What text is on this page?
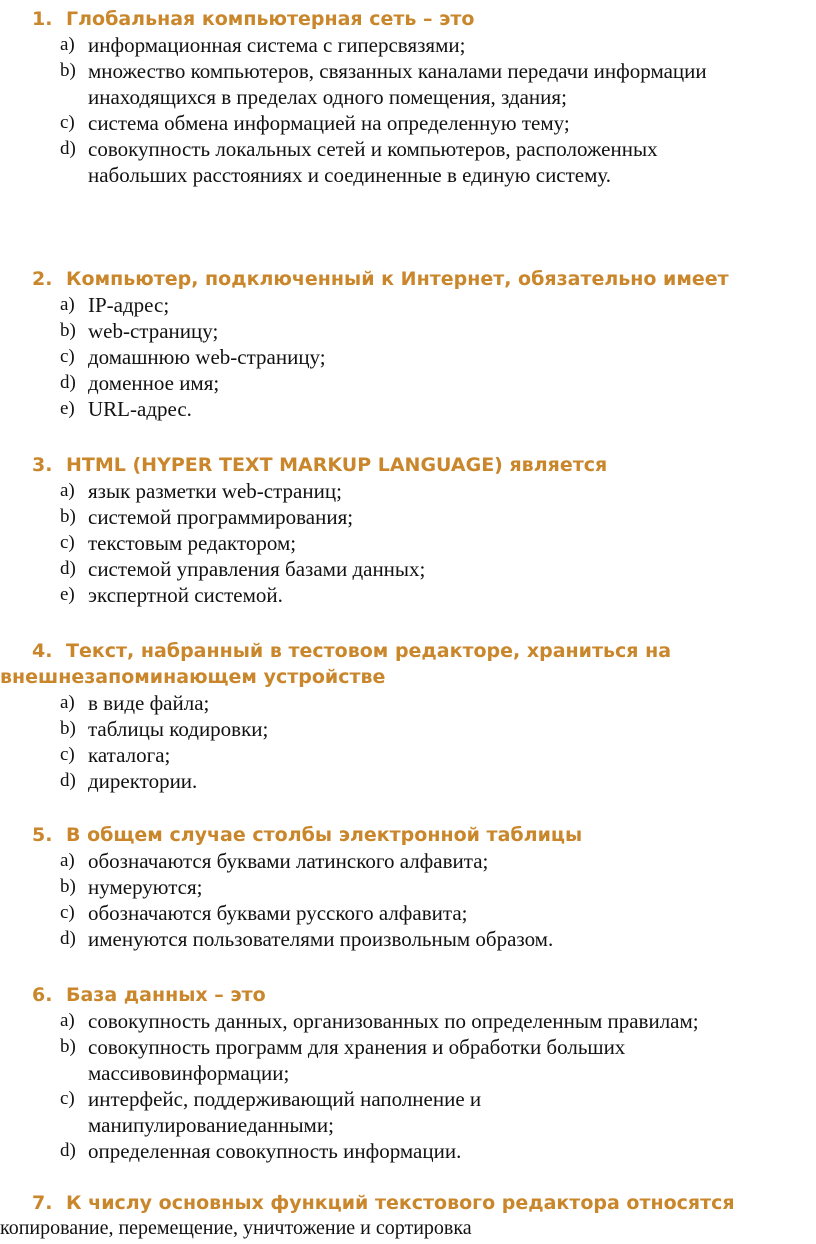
1. Глобальная компьютерная сеть – это

a) информационная система с гиперсвязями;
b) множество компьютеров, связанных каналами передачи информации инаходящихся в пределах одного помещения, здания;
c) система обмена информацией на определенную тему;
d) совокупность локальных сетей и компьютеров, расположенных набольших расстояниях и соединенные в единую систему.

2. Компьютер, подключенный к Интернет, обязательно имеет

a) IP-адрес;
b) web-страницу;
c) домашнюю web-страницу;
d) доменное имя;
e) URL-адрес.

3. HTML (HYPER TEXT MARKUP LANGUAGE) является

a) язык разметки web-страниц;
b) системой программирования;
c) текстовым редактором;
d) системой управления базами данных;
e) экспертной системой.

4. Текст, набранный в тестовом редакторе, храниться на
внешнезапоминающем устройстве

a) в виде файла;
b) таблицы кодировки;
c) каталога;
d) директории.

5. В общем случае столбы электронной таблицы

a) обозначаются буквами латинского алфавита;
b) нумеруются;
c) обозначаются буквами русского алфавита;
d) именуются пользователями произвольным образом.

6. База данных – это

a) совокупность данных, организованных по определенным правилам;
b) совокупность программ для хранения и обработки больших массивовинформации;
c) интерфейс, поддерживающий наполнение и манипулированиеданными;
d) определенная совокупность информации.

7. К числу основных функций текстового редактора относятся

копирование, перемещение, уничтожение и сортировка
